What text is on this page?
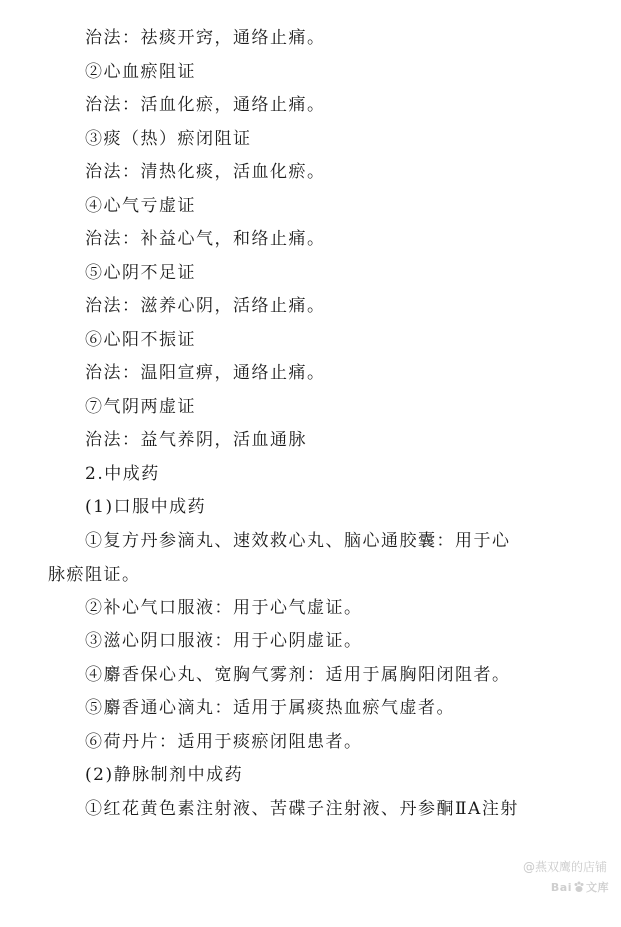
治法：祛痰开窍，通络止痛。
②心血瘀阻证
治法：活血化瘀，通络止痛。
③痰（热）瘀闭阻证
治法：清热化痰，活血化瘀。
④心气亏虚证
治法：补益心气，和络止痛。
⑤心阴不足证
治法：滋养心阴，活络止痛。
⑥心阳不振证
治法：温阳宣痹，通络止痛。
⑦气阴两虚证
治法：益气养阴，活血通脉
2.中成药
(1)口服中成药
①复方丹参滴丸、速效救心丸、脑心通胶囊：用于心
脉瘀阻证。
②补心气口服液：用于心气虚证。
③滋心阴口服液：用于心阴虚证。
④麝香保心丸、宽胸气雾剂：适用于属胸阳闭阻者。
⑤麝香通心滴丸：适用于属痰热血瘀气虚者。
⑥荷丹片：适用于痰瘀闭阻患者。
(2)静脉制剂中成药
①红花黄色素注射液、苦碟子注射液、丹参酮ⅡA注射
@燕双鹰的店铺
Bai 文库
